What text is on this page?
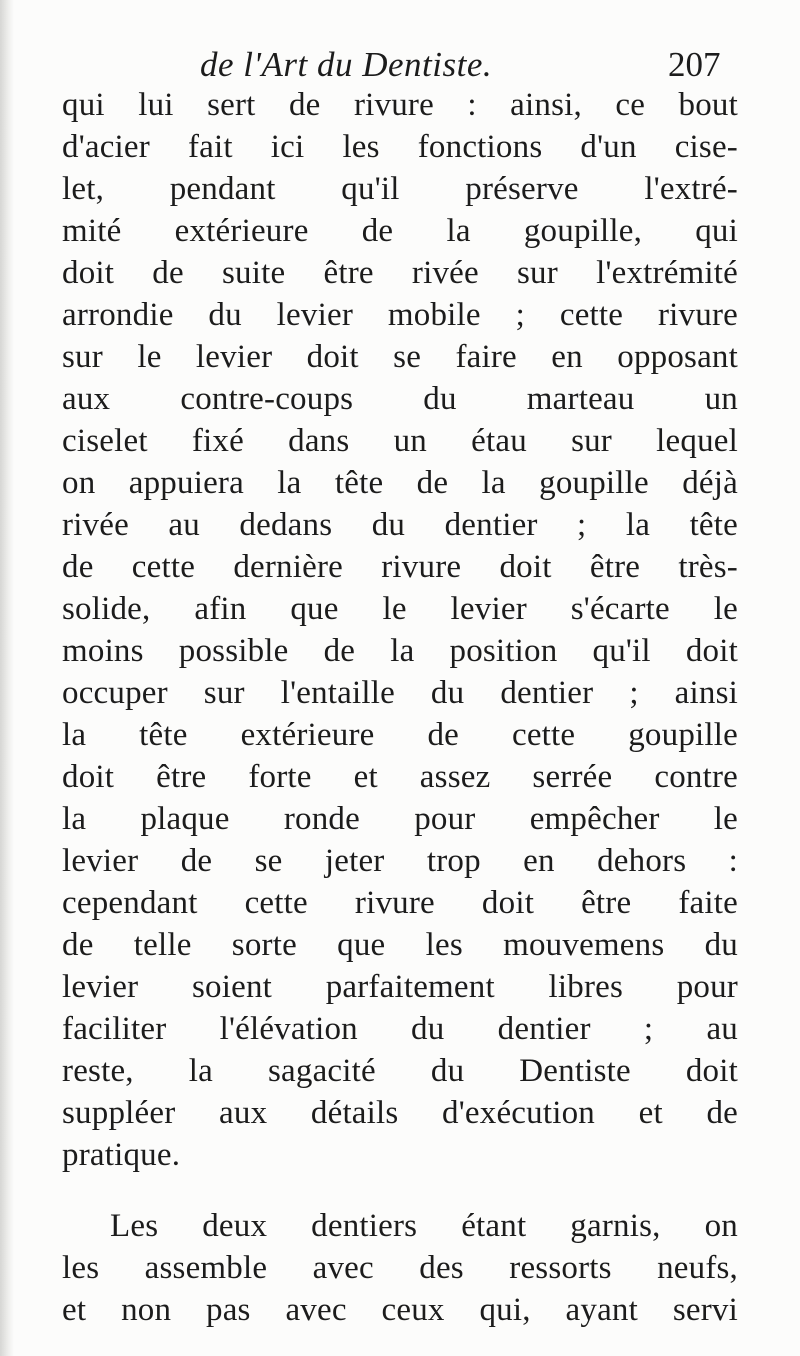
de l'Art du Dentiste.	207
qui lui sert de rivure : ainsi, ce bout
d'acier fait ici les fonctions d'un cise-
let, pendant qu'il préserve l'extré-
mité extérieure de la goupille, qui
doit de suite être rivée sur l'extrémité
arrondie du levier mobile ; cette rivure
sur le levier doit se faire en opposant
aux contre-coups du marteau un
ciselet fixé dans un étau sur lequel
on appuiera la tête de la goupille déjà
rivée au dedans du dentier ; la tête
de cette dernière rivure doit être très-
solide, afin que le levier s'écarte le
moins possible de la position qu'il doit
occuper sur l'entaille du dentier ; ainsi
la tête extérieure de cette goupille
doit être forte et assez serrée contre
la plaque ronde pour empêcher le
levier de se jeter trop en dehors :
cependant cette rivure doit être faite
de telle sorte que les mouvemens du
levier soient parfaitement libres pour
faciliter l'élévation du dentier ; au
reste, la sagacité du Dentiste doit
suppléer aux détails d'exécution et de
pratique.
Les deux dentiers étant garnis, on
les assemble avec des ressorts neufs,
et non pas avec ceux qui, ayant servi
